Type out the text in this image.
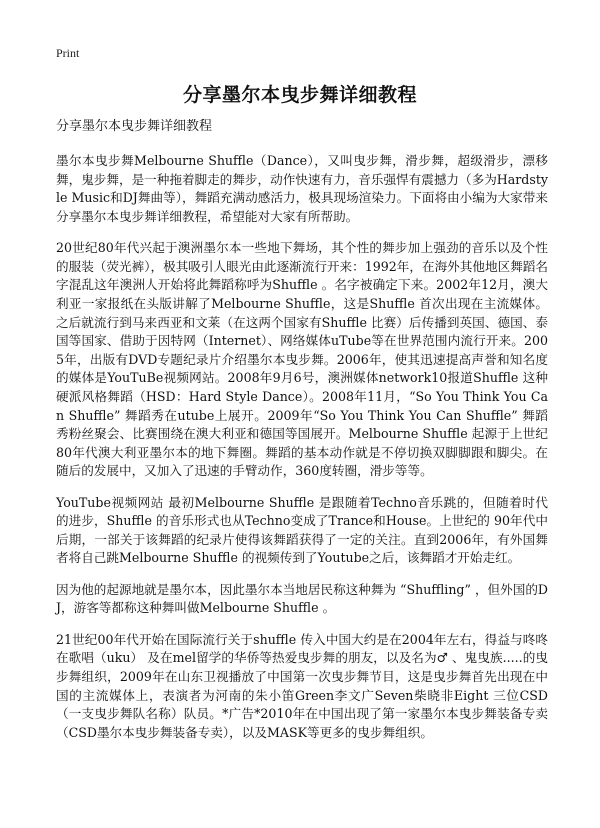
Print
分享墨尔本曳步舞详细教程
分享墨尔本曳步舞详细教程

墨尔本曳步舞Melbourne Shuffle（Dance），又叫曳步舞，滑步舞，超级滑步，漂移舞，鬼步舞，是一种拖着脚走的舞步，动作快速有力，音乐强悍有震撼力（多为Hardstyle Music和DJ舞曲等），舞蹈充满动感活力，极具现场渲染力。下面将由小编为大家带来分享墨尔本曳步舞详细教程，希望能对大家有所帮助。

20世纪80年代兴起于澳洲墨尔本一些地下舞场，其个性的舞步加上强劲的音乐以及个性的服装（荧光裤），极其吸引人眼光由此逐渐流行开来：1992年，在海外其他地区舞蹈名字混乱这年澳洲人开始将此舞蹈称呼为Shuffle 。名字被确定下来。2002年12月，澳大利亚一家报纸在头版讲解了Melbourne Shuffle，这是Shuffle 首次出现在主流媒体。之后就流行到马来西亚和文莱（在这两个国家有Shuffle 比赛）后传播到英国、德国、泰国等国家、借助于因特网（Internet）、网络媒体uTube等在世界范围内流行开来。2005年，出版有DVD专题纪录片介绍墨尔本曳步舞。2006年，使其迅速提高声誉和知名度的媒体是YouTuBe视频网站。2008年9月6号，澳洲媒体network10报道Shuffle 这种硬派风格舞蹈（HSD：Hard Style Dance）。2008年11月，“So You Think You Can Shuffle” 舞蹈秀在utube上展开。2009年“So You Think You Can Shuffle” 舞蹈秀粉丝聚会、比赛围绕在澳大利亚和德国等国展开。Melbourne Shuffle 起源于上世纪80年代澳大利亚墨尔本的地下舞圈。舞蹈的基本动作就是不停切换双脚脚跟和脚尖。在随后的发展中，又加入了迅速的手臂动作，360度转圈，滑步等等。

YouTube视频网站 最初Melbourne Shuffle 是跟随着Techno音乐跳的，但随着时代的进步，Shuffle 的音乐形式也从Techno变成了Trance和House。上世纪的 90年代中后期，一部关于该舞蹈的纪录片使得该舞蹈获得了一定的关注。直到2006年，有外国舞者将自己跳Melbourne Shuffle 的视频传到了Youtube之后，该舞蹈才开始走红。

因为他的起源地就是墨尔本，因此墨尔本当地居民称这种舞为 “Shuffling” ，但外国的DJ，游客等都称这种舞叫做Melbourne Shuffle 。

21世纪00年代开始在国际流行关于shuffle 传入中国大约是在2004年左右，得益与咚咚在歌唱（uku） 及在mel留学的华侨等热爱曳步舞的朋友，以及名为♂ 、鬼曳族.....的曳步舞组织，2009年在山东卫视播放了中国第一次曳步舞节目，这是曳步舞首先出现在中国的主流媒体上，表演者为河南的朱小笛Green李文广Seven柴晓非Eight 三位CSD（一支曳步舞队名称）队员。*广告*2010年在中国出现了第一家墨尔本曳步舞装备专卖（CSD墨尔本曳步舞装备专卖），以及MASK等更多的曳步舞组织。
